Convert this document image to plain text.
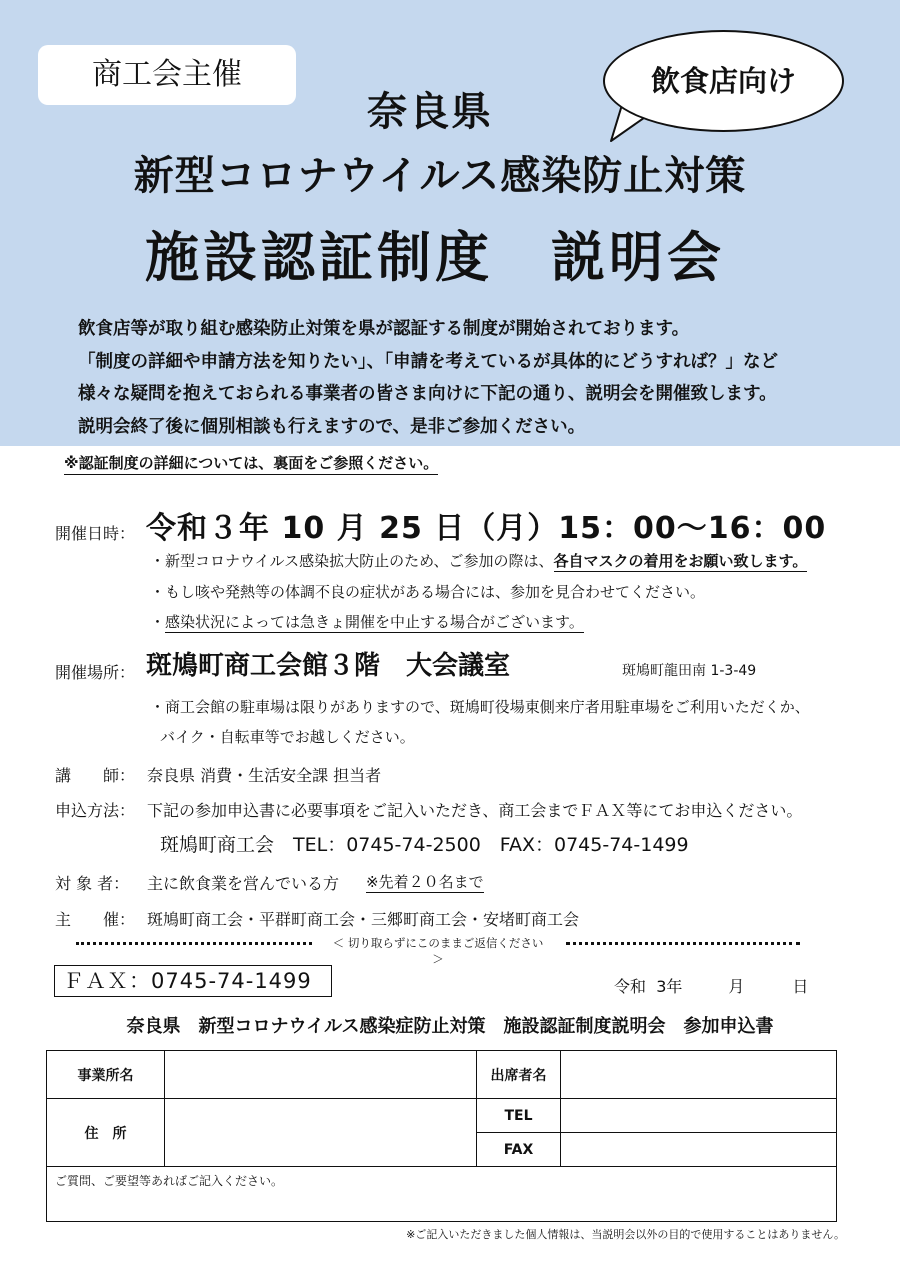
商工会主催	飲食店向け
奈良県
新型コロナウイルス感染防止対策
施設認証制度　説明会
飲食店等が取り組む感染防止対策を県が認証する制度が開始されております。
「制度の詳細や申請方法を知りたい」、「申請を考えているが具体的にどうすれば？」など
様々な疑問を抱えておられる事業者の皆さま向けに下記の通り、説明会を開催致します。
説明会終了後に個別相談も行えますので、是非ご参加ください。
※認証制度の詳細については、裏面をご参照ください。
開催日時： 令和３年 10 月 25 日（月）15：00～16：00
・新型コロナウイルス感染拡大防止のため、ご参加の際は、各自マスクの着用をお願い致します。
・もし咳や発熱等の体調不良の症状がある場合には、参加を見合わせてください。
・感染状況によっては急きょ開催を中止する場合がございます。
開催場所： 斑鳩町商工会館３階　大会議室	斑鳩町龍田南 1-3-49
・商工会館の駐車場は限りがありますので、斑鳩町役場東側来庁者用駐車場をご利用いただくか、
バイク・自転車等でお越しください。
講　　師： 奈良県 消費・生活安全課 担当者
申込方法： 下記の参加申込書に必要事項をご記入いただき、商工会までＦＡＸ等にてお申込ください。
斑鳩町商工会　TEL：0745-74-2500　FAX：0745-74-1499
対 象 者： 主に飲食業を営んでいる方 ※先着２０名まで
主　　催： 斑鳩町商工会・平群町商工会・三郷町商工会・安堵町商工会
＜ 切り取らずにこのままご返信ください ＞
ＦＡＸ：0745-74-1499	令和 3年	月	日
奈良県　新型コロナウイルス感染症防止対策　施設認証制度説明会　参加申込書
事業所名		出席者名	
住　所		TEL	
		FAX	
ご質問、ご要望等あればご記入ください。			
※ご記入いただきました個人情報は、当説明会以外の目的で使用することはありません。
